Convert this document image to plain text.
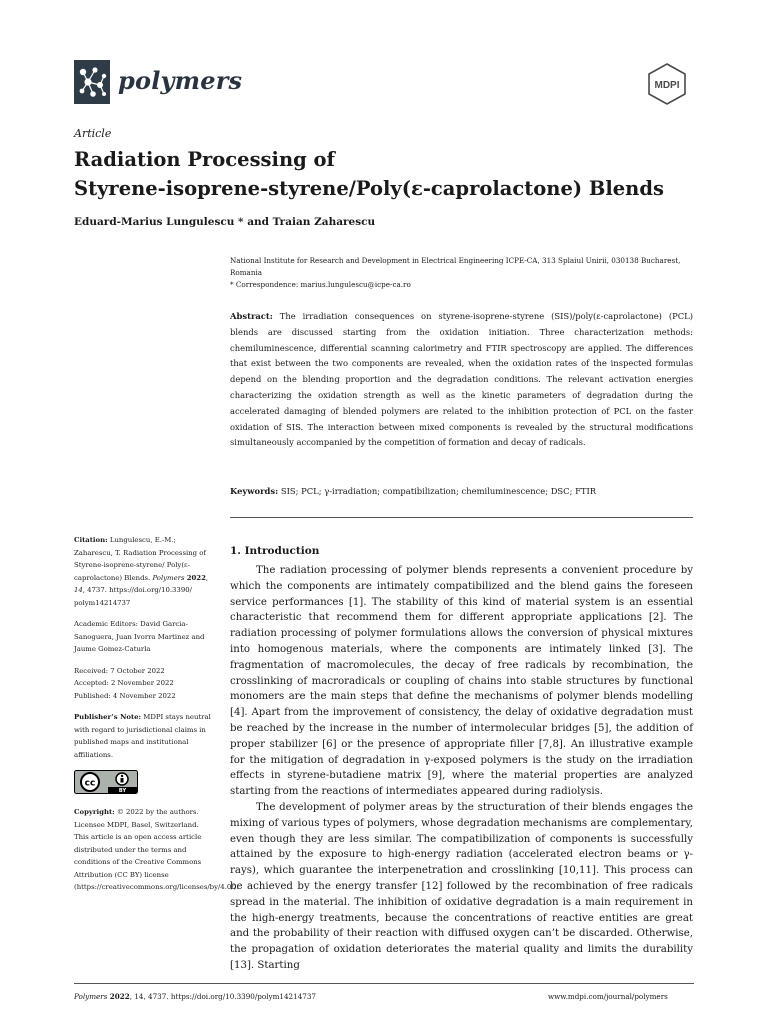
polymers	MDPI
Article
Radiation Processing of
Styrene-isoprene-styrene/Poly(ε-caprolactone) Blends
Eduard-Marius Lungulescu * and Traian Zaharescu
National Institute for Research and Development in Electrical Engineering ICPE-CA, 313 Splaiul Unirii, 030138 Bucharest, Romania
* Correspondence: marius.lungulescu@icpe-ca.ro
Abstract: The irradiation consequences on styrene-isoprene-styrene (SIS)/poly(ε-caprolactone) (PCL) blends are discussed starting from the oxidation initiation. Three characterization methods: chemiluminescence, differential scanning calorimetry and FTIR spectroscopy are applied. The differences that exist between the two components are revealed, when the oxidation rates of the inspected formulas depend on the blending proportion and the degradation conditions. The relevant activation energies characterizing the oxidation strength as well as the kinetic parameters of degradation during the accelerated damaging of blended polymers are related to the inhibition protection of PCL on the faster oxidation of SIS. The interaction between mixed components is revealed by the structural modifications simultaneously accompanied by the competition of formation and decay of radicals.
Keywords: SIS; PCL; γ-irradiation; compatibilization; chemiluminescence; DSC; FTIR

Citation: Lungulescu, E.-M.; Zaharescu, T. Radiation Processing of Styrene-isoprene-styrene/ Poly(ε-caprolactone) Blends. Polymers 2022, 14, 4737. https://doi.org/10.3390/ polym14214737

Academic Editors: David Garcia-Sanoguera, Juan Ivorra Martinez and Jaume Gomez-Caturla

Received: 7 October 2022
Accepted: 2 November 2022
Published: 4 November 2022

Publisher’s Note: MDPI stays neutral with regard to jurisdictional claims in published maps and institutional affiliations.

cc
BY

Copyright: © 2022 by the authors. Licensee MDPI, Basel, Switzerland. This article is an open access article distributed under the terms and conditions of the Creative Commons Attribution (CC BY) license (https://creativecommons.org/licenses/by/4.0/).

1. Introduction

The radiation processing of polymer blends represents a convenient procedure by which the components are intimately compatibilized and the blend gains the foreseen service performances [1]. The stability of this kind of material system is an essential characteristic that recommend them for different appropriate applications [2]. The radiation processing of polymer formulations allows the conversion of physical mixtures into homogenous materials, where the components are intimately linked [3]. The fragmentation of macromolecules, the decay of free radicals by recombination, the crosslinking of macroradicals or coupling of chains into stable structures by functional monomers are the main steps that define the mechanisms of polymer blends modelling [4]. Apart from the improvement of consistency, the delay of oxidative degradation must be reached by the increase in the number of intermolecular bridges [5], the addition of proper stabilizer [6] or the presence of appropriate filler [7,8]. An illustrative example for the mitigation of degradation in γ-exposed polymers is the study on the irradiation effects in styrene-butadiene matrix [9], where the material properties are analyzed starting from the reactions of intermediates appeared during radiolysis.

The development of polymer areas by the structuration of their blends engages the mixing of various types of polymers, whose degradation mechanisms are complementary, even though they are less similar. The compatibilization of components is successfully attained by the exposure to high-energy radiation (accelerated electron beams or γ-rays), which guarantee the interpenetration and crosslinking [10,11]. This process can be achieved by the energy transfer [12] followed by the recombination of free radicals spread in the material. The inhibition of oxidative degradation is a main requirement in the high-energy treatments, because the concentrations of reactive entities are great and the probability of their reaction with diffused oxygen can’t be discarded. Otherwise, the propagation of oxidation deteriorates the material quality and limits the durability [13]. Starting

Polymers 2022, 14, 4737. https://doi.org/10.3390/polym14214737	www.mdpi.com/journal/polymers
